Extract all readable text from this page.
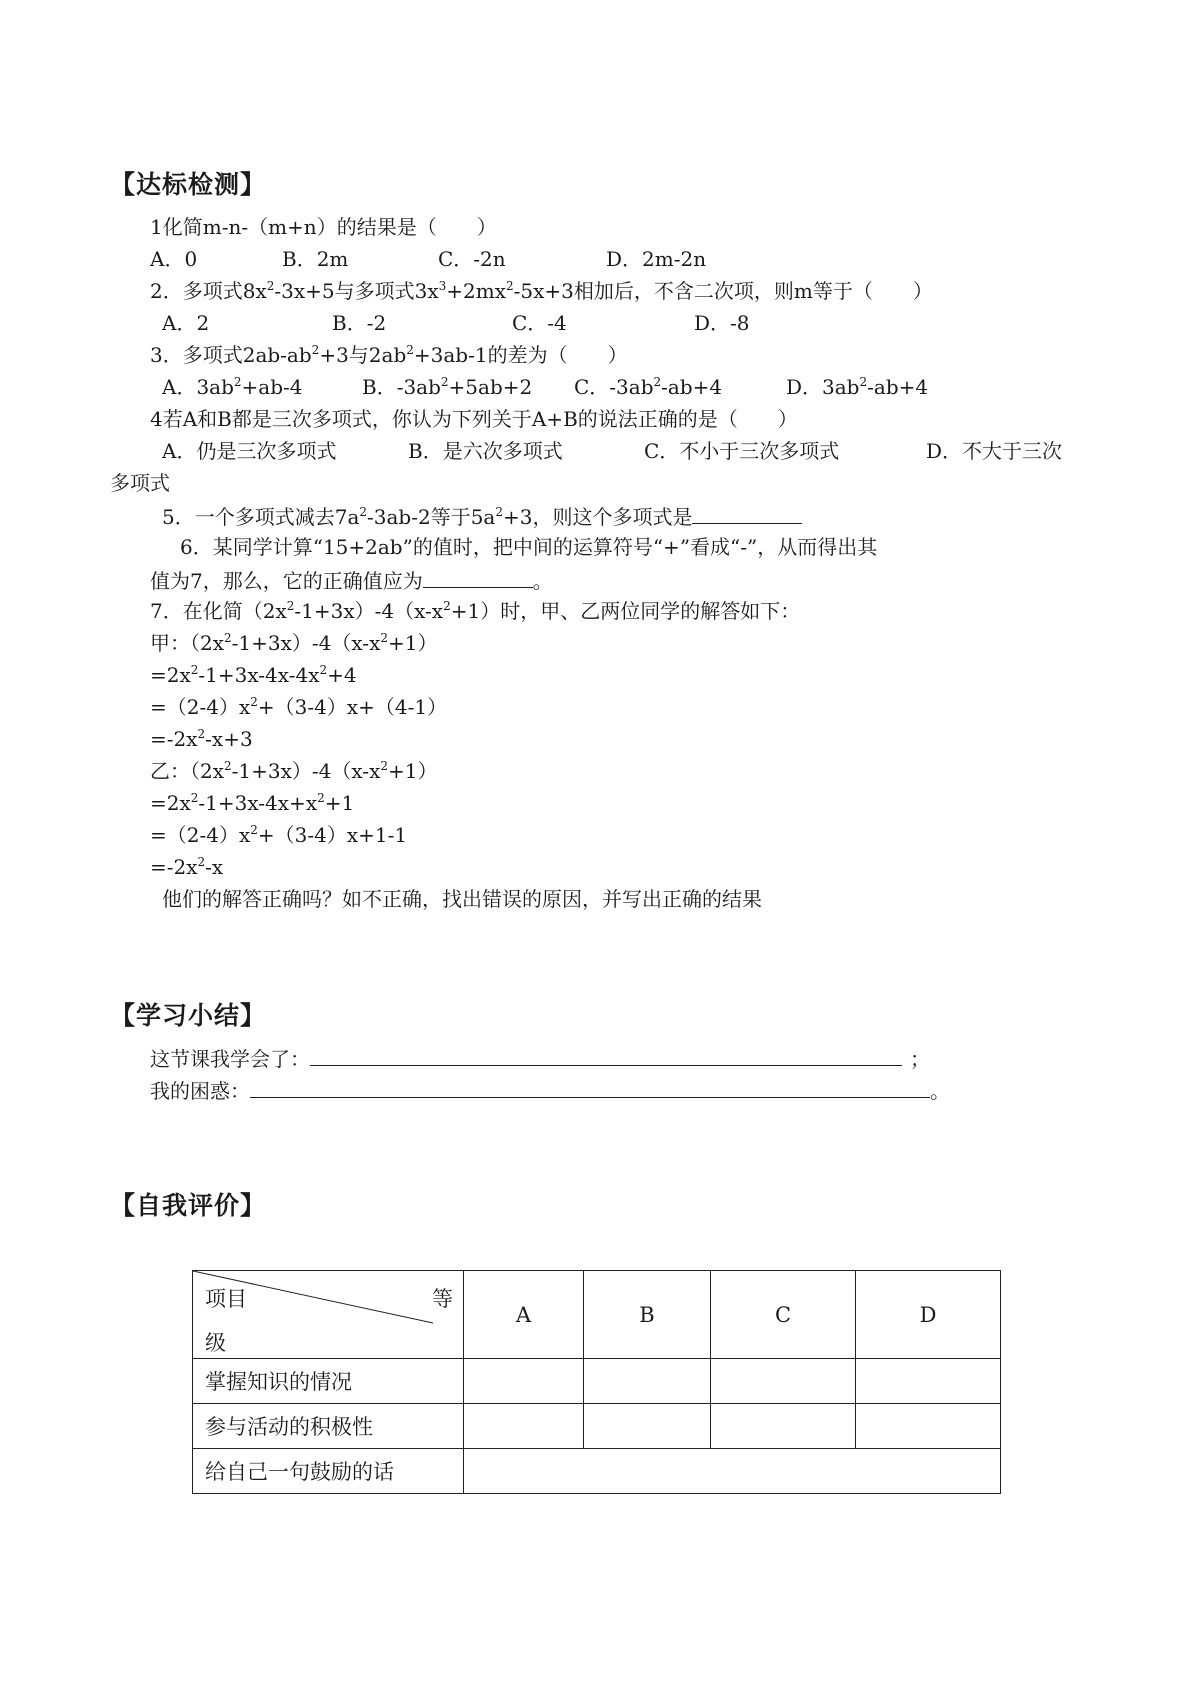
【达标检测】
1化简m-n-（m+n）的结果是（　　）
A．0	B．2m	C．-2n	D．2m-2n
2．多项式$8x^2-3x+5$与多项式$3x^3+2mx^2-5x+3$相加后，不含二次项，则m等于（　　）
A．2	B．-2	C．-4	D．-8
3．多项式$2ab-ab^2+3$与$2ab^2+3ab-1$的差为（　　）
A．$3ab^2+ab-4$	B．$-3ab^2+5ab+2$ C．$-3ab^2-ab+4$	D．$3ab^2-ab+4$
4若A和B都是三次多项式，你认为下列关于A+B的说法正确的是（　　）
A．仍是三次多项式	B．是六次多项式	C．不小于三次多项式	D．不大于三次
多项式
5．一个多项式减去$7a^2-3ab-2$等于$5a^2+3$，则这个多项式是
6．某同学计算“15+2ab”的值时，把中间的运算符号“+”看成“-”，从而得出其
值为7，那么，它的正确值应为	。
7．在化简$(2x^2-1+3x)-4(x-x^2+1)$时，甲、乙两位同学的解答如下：
甲：$(2x^2-1+3x)-4(x-x^2+1)$
$=2x^2-1+3x-4x-4x^2+4$
$=(2-4)x^2+(3-4)x+(4-1)$
$=-2x^2-x+3$
乙：$(2x^2-1+3x)-4(x-x^2+1)$
$=2x^2-1+3x-4x+x^2+1$
$=(2-4)x^2+(3-4)x+1-1$
$=-2x^2-x$
他们的解答正确吗？如不正确，找出错误的原因，并写出正确的结果
【学习小结】
这节课我学会了：	；
我的困惑：	。
【自我评价】
项目 等
级	A	B	C	D
掌握知识的情况				
参与活动的积极性				
给自己一句鼓励的话				
